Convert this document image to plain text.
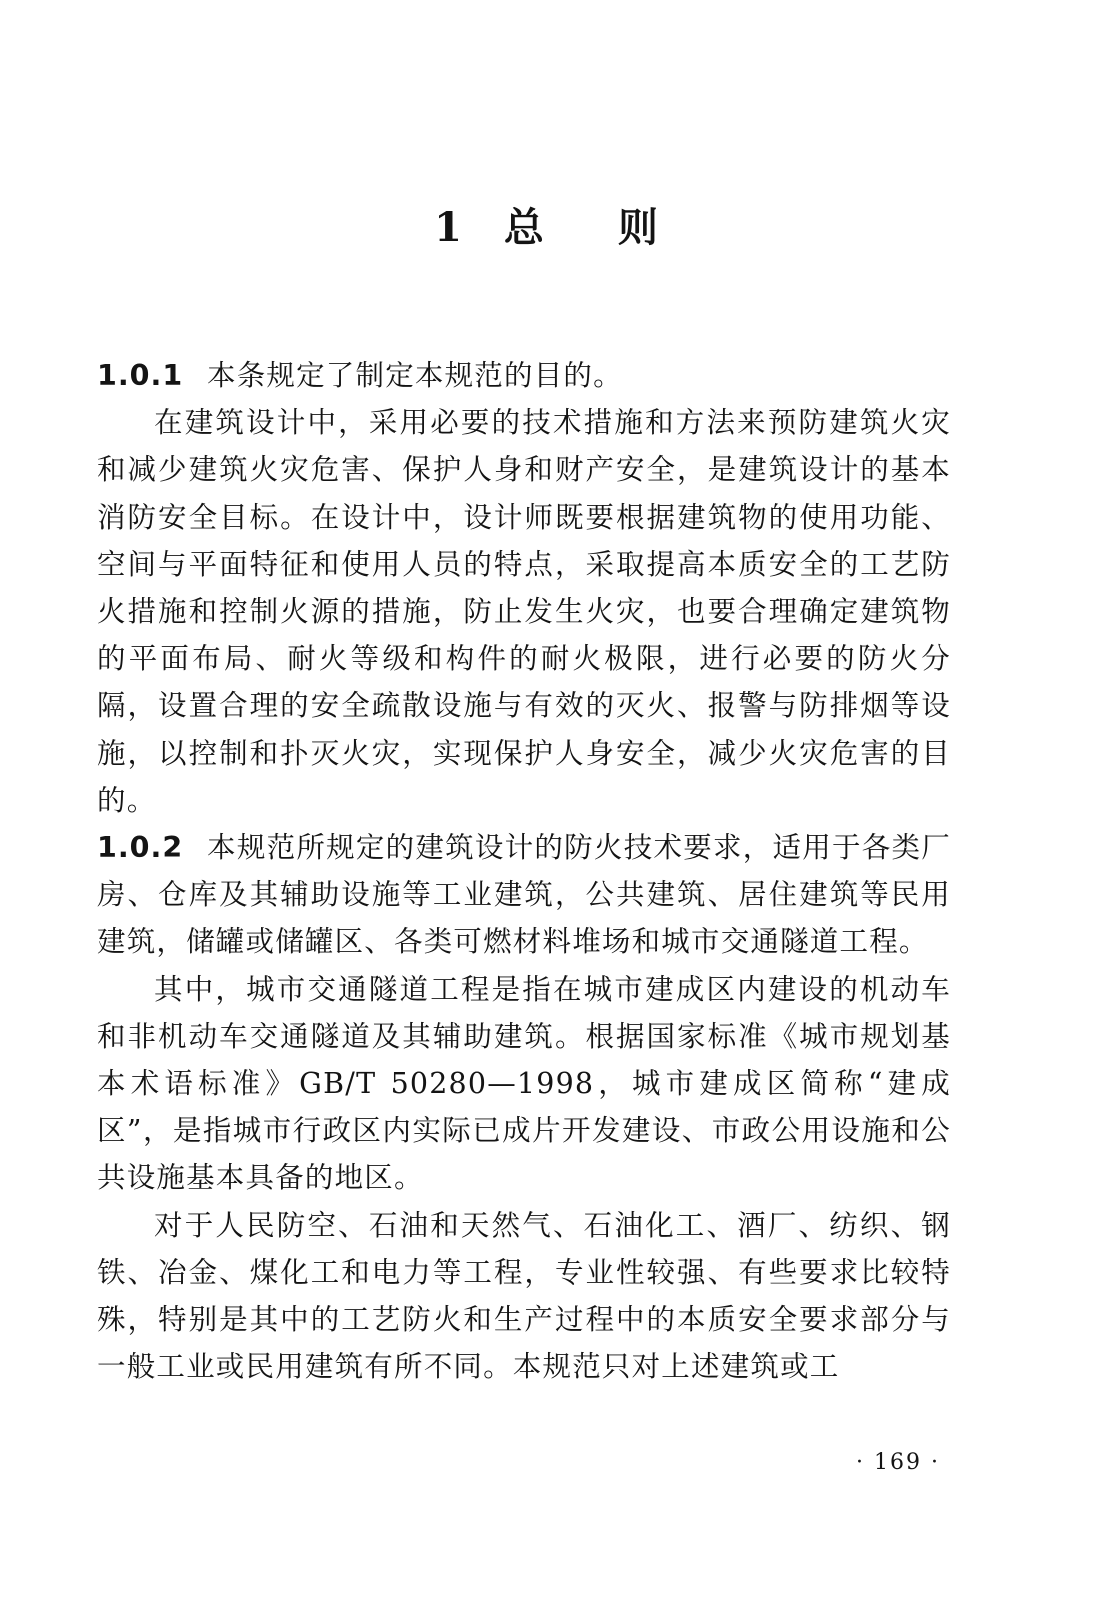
1 总 则

1.0.1 本条规定了制定本规范的目的。

在建筑设计中，采用必要的技术措施和方法来预防建筑火灾和减少建筑火灾危害、保护人身和财产安全，是建筑设计的基本消防安全目标。在设计中，设计师既要根据建筑物的使用功能、空间与平面特征和使用人员的特点，采取提高本质安全的工艺防火措施和控制火源的措施，防止发生火灾，也要合理确定建筑物的平面布局、耐火等级和构件的耐火极限，进行必要的防火分隔，设置合理的安全疏散设施与有效的灭火、报警与防排烟等设施，以控制和扑灭火灾，实现保护人身安全，减少火灾危害的目的。

1.0.2 本规范所规定的建筑设计的防火技术要求，适用于各类厂房、仓库及其辅助设施等工业建筑，公共建筑、居住建筑等民用建筑，储罐或储罐区、各类可燃材料堆场和城市交通隧道工程。

其中，城市交通隧道工程是指在城市建成区内建设的机动车和非机动车交通隧道及其辅助建筑。根据国家标准《城市规划基本术语标准》GB/T 50280—1998，城市建成区简称“建成区”，是指城市行政区内实际已成片开发建设、市政公用设施和公共设施基本具备的地区。

对于人民防空、石油和天然气、石油化工、酒厂、纺织、钢铁、冶金、煤化工和电力等工程，专业性较强、有些要求比较特殊，特别是其中的工艺防火和生产过程中的本质安全要求部分与一般工业或民用建筑有所不同。本规范只对上述建筑或工

· 169 ·
